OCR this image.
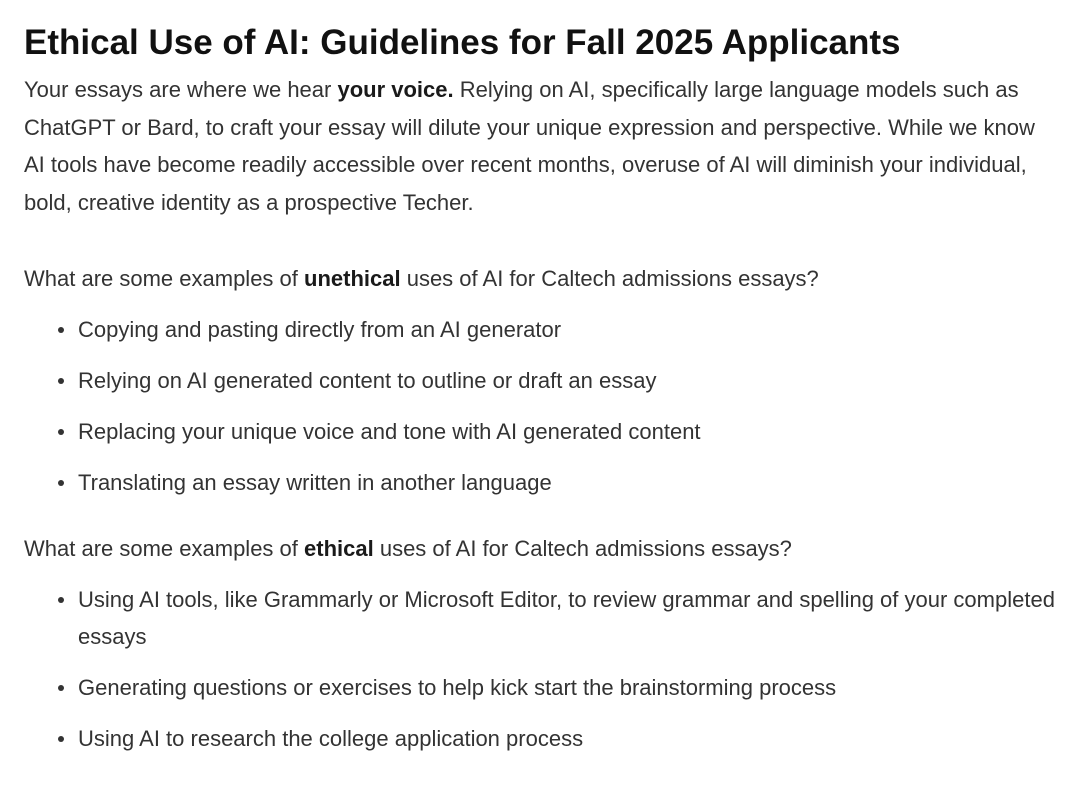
Ethical Use of AI: Guidelines for Fall 2025 Applicants

Your essays are where we hear your voice. Relying on AI, specifically large language models such as ChatGPT or Bard, to craft your essay will dilute your unique expression and perspective. While we know AI tools have become readily accessible over recent months, overuse of AI will diminish your individual, bold, creative identity as a prospective Techer.

What are some examples of unethical uses of AI for Caltech admissions essays?
Copying and pasting directly from an AI generator
Relying on AI generated content to outline or draft an essay
Replacing your unique voice and tone with AI generated content
Translating an essay written in another language
What are some examples of ethical uses of AI for Caltech admissions essays?
Using AI tools, like Grammarly or Microsoft Editor, to review grammar and spelling of your completed essays
Generating questions or exercises to help kick start the brainstorming process
Using AI to research the college application process
